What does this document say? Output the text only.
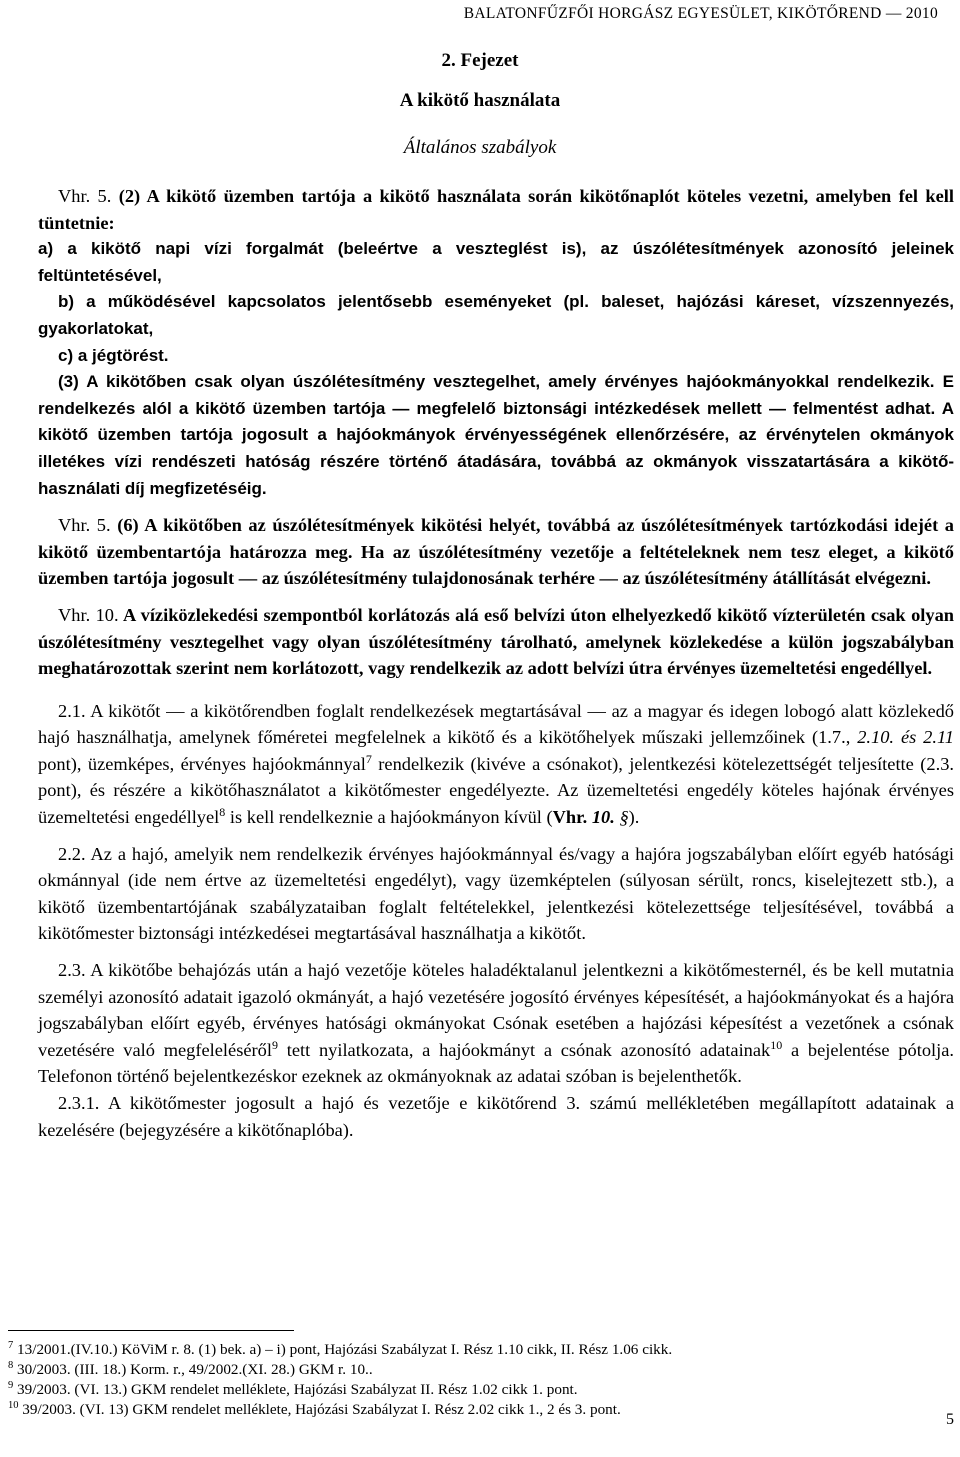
BALATONFŰZFŐI HORGÁSZ EGYESÜLET, KIKÖTŐREND — 2010
2. Fejezet
A kikötő használata
Általános szabályok

Vhr. 5. (2) A kikötő üzemben tartója a kikötő használata során kikötőnaplót köteles vezetni, amelyben fel kell tüntetnie:

a) a kikötő napi vízi forgalmát (beleértve a veszteglést is), az úszólétesítmények azonosító jeleinek feltüntetésével,

b) a működésével kapcsolatos jelentősebb eseményeket (pl. baleset, hajózási káreset, vízszennyezés, gyakorlatokat,

c) a jégtörést.

(3) A kikötőben csak olyan úszólétesítmény vesztegelhet, amely érvényes hajóokmányokkal rendelkezik. E rendelkezés alól a kikötő üzemben tartója — megfelelő biztonsági intézkedések mellett — felmentést adhat. A kikötő üzemben tartója jogosult a hajóokmányok érvényességének ellenőrzésére, az érvénytelen okmányok illetékes vízi rendészeti hatóság részére történő átadására, továbbá az okmányok visszatartására a kikötő-használati díj megfizetéséig.

Vhr. 5. (6) A kikötőben az úszólétesítmények kikötési helyét, továbbá az úszólétesítmények tartózkodási idejét a kikötő üzembentartója határozza meg. Ha az úszólétesítmény vezetője a feltételeknek nem tesz eleget, a kikötő üzemben tartója jogosult — az úszólétesítmény tulajdonosának terhére — az úszólétesítmény átállítását elvégezni.

Vhr. 10. A víziközlekedési szempontból korlátozás alá eső belvízi úton elhelyezkedő kikötő vízterületén csak olyan úszólétesítmény vesztegelhet vagy olyan úszólétesítmény tárolható, amelynek közlekedése a külön jogszabályban meghatározottak szerint nem korlátozott, vagy rendelkezik az adott belvízi útra érvényes üzemeltetési engedéllyel.

2.1. A kikötőt — a kikötőrendben foglalt rendelkezések megtartásával — az a magyar és idegen lobogó alatt közlekedő hajó használhatja, amelynek főméretei megfelelnek a kikötő és a kikötőhelyek műszaki jellemzőinek (1.7., 2.10. és 2.11 pont), üzemképes, érvényes hajóokmánnyal$^7$ rendelkezik (kivéve a csónakot), jelentkezési kötelezettségét teljesítette (2.3. pont), és részére a kikötőhasználatot a kikötőmester engedélyezte. Az üzemeltetési engedély köteles hajónak érvényes üzemeltetési engedéllyel$^8$ is kell rendelkeznie a hajóokmányon kívül (Vhr. 10. §).

2.2. Az a hajó, amelyik nem rendelkezik érvényes hajóokmánnyal és/vagy a hajóra jogszabályban előírt egyéb hatósági okmánnyal (ide nem értve az üzemeltetési engedélyt), vagy üzemképtelen (súlyosan sérült, roncs, kiselejtezett stb.), a kikötő üzembentartójának szabályzataiban foglalt feltételekkel, jelentkezési kötelezettsége teljesítésével, továbbá a kikötőmester biztonsági intézkedései megtartásával használhatja a kikötőt.

2.3. A kikötőbe behajózás után a hajó vezetője köteles haladéktalanul jelentkezni a kikötőmesternél, és be kell mutatnia személyi azonosító adatait igazoló okmányát, a hajó vezetésére jogosító érvényes képesítését, a hajóokmányokat és a hajóra jogszabályban előírt egyéb, érvényes hatósági okmányokat Csónak esetében a hajózási képesítést a vezetőnek a csónak vezetésére való megfeleléséről$^9$ tett nyilatkozata, a hajóokmányt a csónak azonosító adatainak$^{10}$ a bejelentése pótolja. Telefonon történő bejelentkezéskor ezeknek az okmányoknak az adatai szóban is bejelenthetők.

2.3.1. A kikötőmester jogosult a hajó és vezetője e kikötőrend 3. számú mellékletében megállapított adatainak a kezelésére (bejegyzésére a kikötőnaplóba).

$^7$ 13/2001.(IV.10.) KöViM r. 8. (1) bek. a) – i) pont, Hajózási Szabályzat I. Rész 1.10 cikk, II. Rész 1.06 cikk.

$^8$ 30/2003. (III. 18.) Korm. r., 49/2002.(XI. 28.) GKM r. 10..

$^9$ 39/2003. (VI. 13.) GKM rendelet melléklete, Hajózási Szabályzat II. Rész 1.02 cikk 1. pont.

$^{10}$ 39/2003. (VI. 13) GKM rendelet melléklete, Hajózási Szabályzat I. Rész 2.02 cikk 1., 2 és 3. pont.

5
